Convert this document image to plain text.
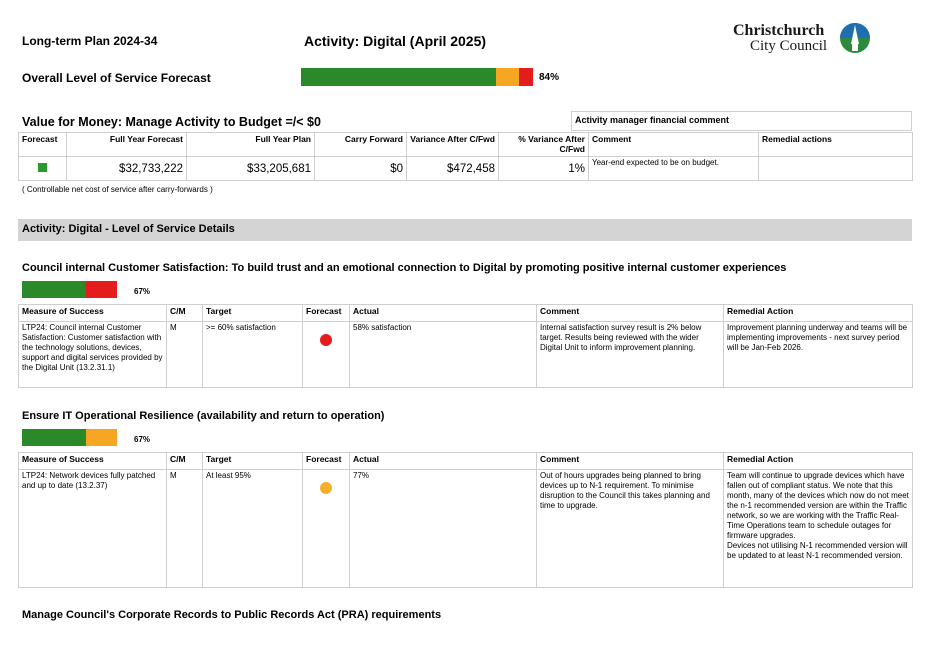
Long-term Plan 2024-34	Activity: Digital (April 2025)
Christchurch
City Council
Overall Level of Service Forecast	84%
Value for Money: Manage Activity to Budget =/< $0	Activity manager financial comment
Forecast	Full Year Forecast	Full Year Plan	Carry Forward	Variance After C/Fwd	% Variance After C/Fwd	Comment	Remedial actions

	$32,733,222	$33,205,681	$0	$472,458	1%	Year-end expected to be on budget.	
( Controllable net cost of service after carry-forwards )
Activity: Digital - Level of Service Details
Council internal Customer Satisfaction: To build trust and an emotional connection to Digital by promoting positive internal customer experiences
67%
Measure of Success	C/M	Target	Forecast	Actual	Comment	Remedial Action
LTP24: Council internal Customer Satisfaction: Customer satisfaction with the technology solutions, devices, support and digital services provided by the Digital Unit (13.2.31.1)	M	>= 60% satisfaction		58% satisfaction	Internal satisfaction survey result is 2% below target. Results being reviewed with the wider Digital Unit to inform improvement planning.	Improvement planning underway and teams will be implementing improvements - next survey period will be Jan-Feb 2026.
Ensure IT Operational Resilience (availability and return to operation)
67%
Measure of Success	C/M	Target	Forecast	Actual	Comment	Remedial Action
LTP24: Network devices fully patched and up to date (13.2.37)	M	At least 95%		77%	Out of hours upgrades being planned to bring devices up to N-1 requirement. To minimise disruption to the Council this takes planning and time to upgrade.	Team will continue to upgrade devices which have fallen out of compliant status. We note that this month, many of the devices which now do not meet the n-1 recommended version are within the Traffic network, so we are working with the Traffic Real-Time Operations team to schedule outages for firmware upgrades.
Devices not utilising N-1 recommended version will be updated to at least N-1 recommended version.
Manage Council's Corporate Records to Public Records Act (PRA) requirements
